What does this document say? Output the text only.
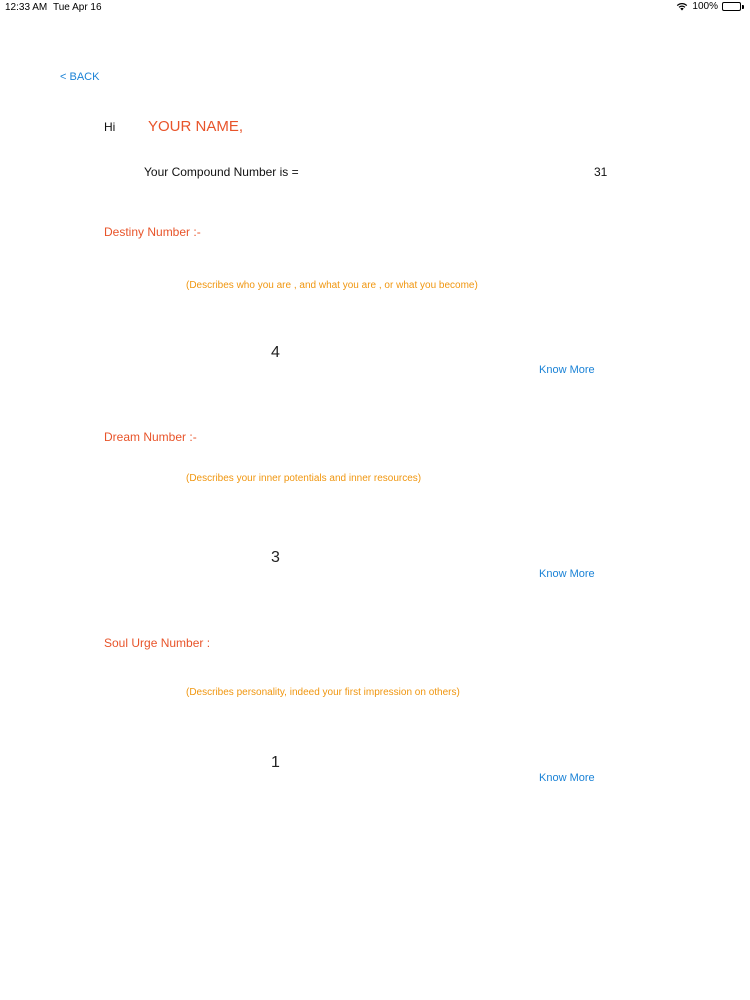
12:33 AM Tue Apr 16	100%
< BACK
Hi YOUR NAME,
Your Compound Number is =	31
Destiny Number :-
(Describes who you are , and what you are , or what you become)
4
Know More
Dream Number :-
(Describes your inner potentials and inner resources)
3
Know More
Soul Urge Number :
(Describes personality, indeed your first impression on others)
1
Know More
